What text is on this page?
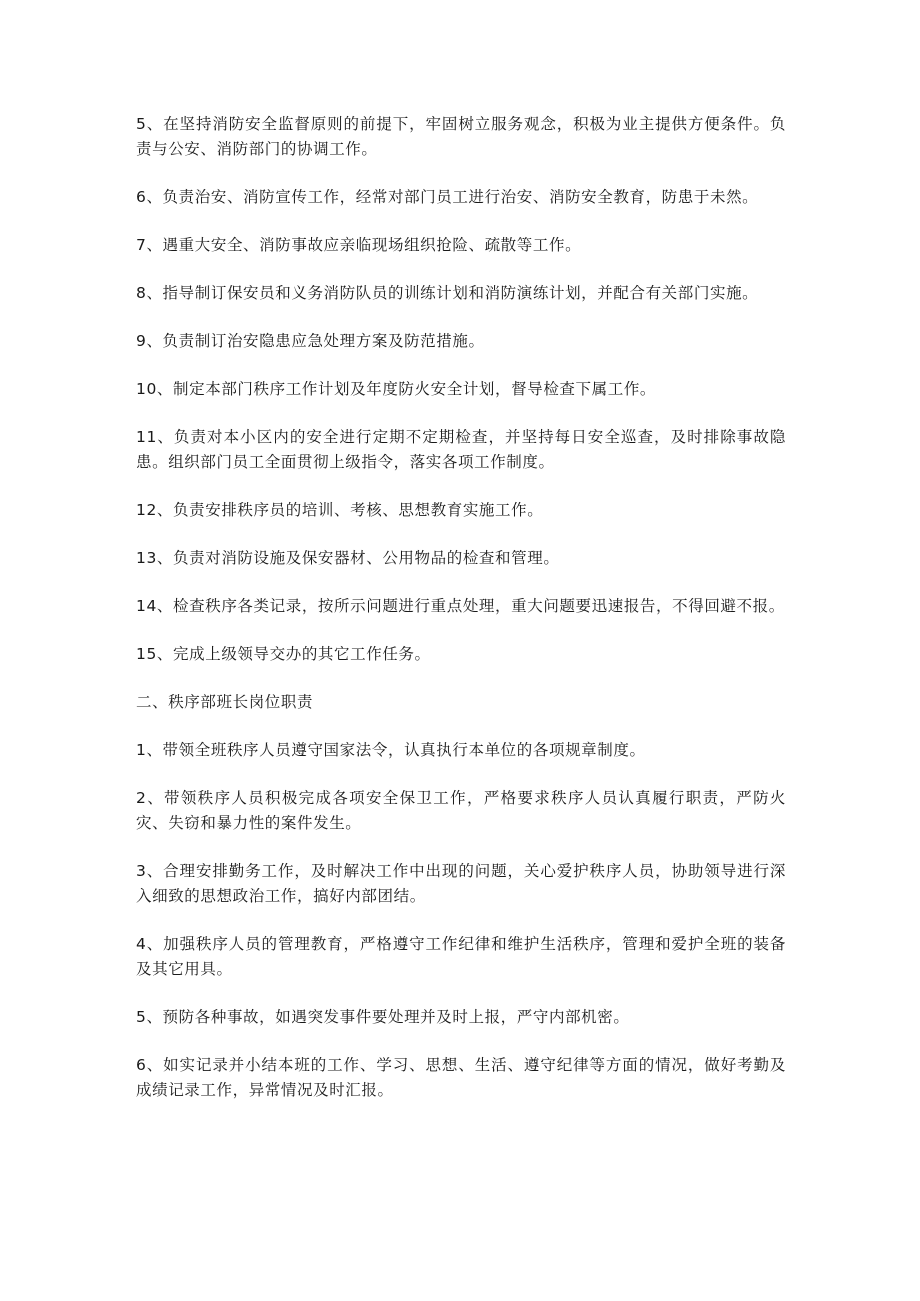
5、在坚持消防安全监督原则的前提下，牢固树立服务观念，积极为业主提供方便条件。负责与公安、消防部门的协调工作。

6、负责治安、消防宣传工作，经常对部门员工进行治安、消防安全教育，防患于未然。

7、遇重大安全、消防事故应亲临现场组织抢险、疏散等工作。

8、指导制订保安员和义务消防队员的训练计划和消防演练计划，并配合有关部门实施。

9、负责制订治安隐患应急处理方案及防范措施。

10、制定本部门秩序工作计划及年度防火安全计划，督导检查下属工作。

11、负责对本小区内的安全进行定期不定期检查，并坚持每日安全巡查，及时排除事故隐患。组织部门员工全面贯彻上级指令，落实各项工作制度。

12、负责安排秩序员的培训、考核、思想教育实施工作。

13、负责对消防设施及保安器材、公用物品的检查和管理。

14、检查秩序各类记录，按所示问题进行重点处理，重大问题要迅速报告，不得回避不报。

15、完成上级领导交办的其它工作任务。

二、秩序部班长岗位职责

1、带领全班秩序人员遵守国家法令，认真执行本单位的各项规章制度。

2、带领秩序人员积极完成各项安全保卫工作，严格要求秩序人员认真履行职责，严防火灾、失窃和暴力性的案件发生。

3、合理安排勤务工作，及时解决工作中出现的问题，关心爱护秩序人员，协助领导进行深入细致的思想政治工作，搞好内部团结。

4、加强秩序人员的管理教育，严格遵守工作纪律和维护生活秩序，管理和爱护全班的装备及其它用具。

5、预防各种事故，如遇突发事件要处理并及时上报，严守内部机密。

6、如实记录并小结本班的工作、学习、思想、生活、遵守纪律等方面的情况，做好考勤及成绩记录工作，异常情况及时汇报。
